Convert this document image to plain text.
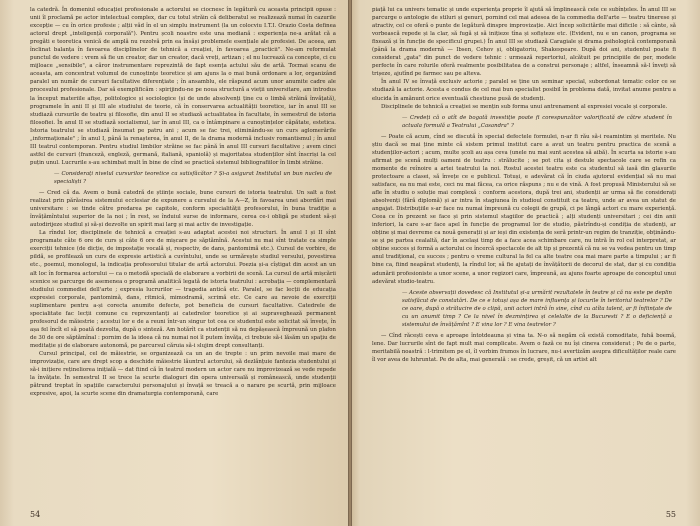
la catedră. În domeniul educației profesionale a actorului se ciocnesc în legătură cu aceasta principii opuse : unii îl proclamă pe actor intelectual complex, dar cu totul străin că deliberatul se realizează numai în cazurile excepție — cu în orice profesie ; alții văd în el un simplu instrument (la un colocviu I.T.I. Orazio Costa definea actorul drept „inteligență corporală"). Pentru școli noastre este una mediană : experiența ne-a arătat că a pregăti e teoretica venică de amplă nu rezolvă prin ea însăși problemele esențiale ale profesiei. De aceea, am înclinat balanța în favoarea disciplinelor de tehnică a creației, în favoarea „practicii". Ne-am reformulat punctul de vedere : vrem să fie un creator, dar un creator, dacă vreți, artizan ; el nu lucrează ca concepte, ci cu mijloace „sensibile", a căror instrumentare reprezintă de fapt esența actului său de artă. Tocmai scanu de aceasta, am concentrat volumul de cunoștințe teoretice și am ajuns la o mai bună ordonare a lor, organizând paralel un număr de cursuri facultative diferențiate ; în ansamblu, ele răspund acum unor anumite cadre ale procesului profesionale. Dar să exemplificăm : spirijindu-ne pe noua structură a vieții universitare, am introdus la început materiile afișe, politologice și sociologice (și de unde absolvenți ține cu o limbă străină învățată), programele în anii II și III ale studiului de teorie, că în conservarea actualității teoretice, iar în anul III se studiază cursurile de teatru și filosofie, din anul II se studiază actualitatea în facultate, în semestrul de istoria filosofiei. În anul II se studiază socialismul, iar în anul III, ca o întâmpinare a cunoștințelor căpătate, estetica. Istoria teatrului se studiază însumat pe patru ani ; acum se fac trei, eliminându-se un curs aglomerările „informaționale" ; în anul I, până la renașterea, în anul II, de la drama modernă inclusiv romantismul ; în anul III teatrul contemporan. Pentru studiul limbilor străine se fac până în anul III cursuri facultative ; avem cinci astfel de cursuri (franceză, engleză, germană, italiană, spaniolă) și majoritatea studenților sînt înscriși la cel puțin unul. Lucrurile s-au schimbat mult în bine de cînd se practică sistemul bibliografiilor în limbi străine.

— Considerați nivelul cursurilor teoretice ca satisfăcător ? Și-a asigurat Institutul un bun nucleu de specialiști ?

— Cred că da. Avem o bună catedră de științe sociale, bune cursuri de istoria teatrului. Un salt a fost realizat prin părăsirea sistemului ecclesiar de expunere a cursului de la A—Z, în favoarea unei abordări mai universitare : se tinde către predarea pe capitole, conform specialității profesorului, în buna tradiție a învățămîntului superior de la noi ; în rest, se înduiul surse de informare, cerea ce-i obligă pe student să-și autodirijeze studiul și să-și dezvolte un spirit mai larg și mai activ de investigație.

La rîndul lor, disciplinele de tehnică a creației s-au adaptat acestei noi structuri. În anul I și II sînt programate câte 6 ore de curs și câte 6 ore de mișcare pe săptămînă. Acestui nu mai sînt tratate ca simple exerciții tehnice (de dicție, de impostație vocală și, respectiv, de dans, pantomimă etc.). Cursul de vorbire, de pildă, se profilează un curs de expresie artistică a cuvîntului, unde se urmărește studiul versului, povestirea etc., poemul, monologul, la indicația profesorului titular de artă actorului. Poezia și-a cîștigat din acest an un alt loc în formarea actorului — ca o metodă specială de elaborare a vorbirii de scenă. La cursul de artă mișcării scenice se parcurge de asemenea o programă analitică legată de istoria teatrului : acrobația — complementară studiului commediei dell'arte ; expresia lucrurilor — tragedia antică etc. Paralel, se fac lecții de educația expresiei corporale, pantomimă, dans, ritmică, mimodramă, scrimă etc. Ce care au nevoie de exerciții suplimentare pentru a-și corecta anumite defecte, pot beneficia de cursuri facultative. Catedrele de specialitate fac lecții comune cu reprezentanți ai catedrelor teoretice și ai supraveghează permanent profesorul de măiestrie ; acestui lor e de a reuni într-un singur tot cea ce studentul este solicitat să învețe, în așa fel încît el să poată dezvolta, după o sinteză. Am hotărît ca studenții să nu depășească împreună un plafon de 30 de ore săptămînal : pornim de la ideea că nu numai noi îl putem învăța, ci trebuie să-i lăsăm un spațiu de meditație și de elaborare autonomă, pe parcursul căruia să-i slujim drept consultanți.

Cursul principal, cel de măiestrie, se organizează ca un an de trepte : un prim nevoile mai mare de improvizație, care are drept scop a deschide măiestrie lăuntrul actorului, să dezlănțuie fantezia studentului și să-i inițiere rețineliorea inițială — dat fiind că în teatrul modern un actor care nu improvizează se vede repede la învățate. În semestrul II se trece la scurte dialoguri din opera universală și românească, unde studenții pătrund treptat în spațiile caracterului personajului și învață se treacă a o narare pe scurtă, prin mijloace expresive, apoi, la scurte scene din dramaturgia contemporană, care

54

piață lui ca univers tematic și unde experiența proprie îl ajută să împlinească cele ce subînțeles. În anul III se parcurge o antologie de stiluri și genuri, pornind cel mai adesea de la commedia dell'arte — teatru tinerese și atractiv, cel ce oferă o punte de legătură dinspre improvizație. Aici încep solicitările mai dificile : să cânte, să vorbească repede și la clar, să fugă și să inițieze tîna și sofișteze etc. (Evident, nu e un canon, programa se fixează și în funcție de specificul grupei.) În anul III se studiază Caragiale și drama psihologică contemporană (până la drama modernă — Ibsen, Cehov și, obligatoriu, Shakespeare. După doi ani, studentul poate fi considerat „gata" din punct de vedere tehnic : urmează repertoriul, alcătuit pe principiile de per, modele perfecte în care rolurile oferă realmente posibilitatea de a construi personaje ; altfel, înseamnă să-l înveți să trișeze, ajutînd pe farmec sau pe alteva.

În anul IV se învață exclusiv actorie ; paralel se ține un seminar special, subordonat tematic celor ce se studiază la actorie. Acesta e condus de cel mai bun specialist posibil în problema dată, invitat anume pentru a elucida în amănunt orice eventuală chestiune pusă de studenți.

Disciplinele de tehnică a creației se mențin sub forma unui antrenament al expresiei vocale și corporale.

— Credeți că o atît de bogată investiție poate fi corespunzător valorificată de către student în actuala formulă a Teatrului „Casandra" ?

— Poate că acum, cînd se discută în special defectele formulei, n-ar fi rău să-i reamintim și meritele. Nu știu dacă se mai ține minte că sistem primul institut care a avut un teatru pentru practica de scenă a studenților-actori ; acum, multe școli au așa ceva (unele nu mai sunt acestea să aibă). În scurta sa istorie s-au afirmat pe scenă mulți oameni de teatru : strălucite ; se pot cita și destule spectacole care se refin ca momente de reînoire a artei teatrului la noi. Rostul acestei teatru este ca studentul să iasă din glasurile protectoare a clasei, să învețe ce e publicul. Totuși, e adevărat că în ciuda ajutorul evidențial să nu mai satisface, ea nu mai este, ceci nu mai făcea, ca orice răspuns ; nu e de vină. A fost propusă Ministerului să se afle în studiu o soluție mai complexă : conform acestora, după trei ani, studenții ar urma să fie considerați absolvenți (fără diplomă) și ar intra în stagiunea în studioul constituit ca teatru, unde ar avea un statut de angajat. Distribuțiile s-ar face nu numai împreună cu colegii de grupă, ci pe lângă actori cu mare experiență. Ceea ce în prezent se face și prin sistemul stagiilor de practică ; alți studenți universitari ; cei din anii inferiori, la care s-ar face apel în funcție de programul lor de studio, păstrîndu-și condiția de studenți, ar obține și mai devreme ca nouă generații și ar ieși din existența de seră printr-un regim de tranziție, obținându-se și pe partea cealaltă, dar în același timp de a face acea schimbare care, nu intră în rol cel interpretat, ar obține succes și formă a actorului ce încercă spectacole de alt tip și prezentă că nu se va vedea pentru un timp anul tradițional, cu succes ; pentru o vreme cultural la fel ca alte teatre cea mai mare parte a timpului ; ar fi bine ca, fiind neapărat studenți, la rîndul lor, să fie ajutați de învățătorii de decorul de stat, dar și cu condiția adunării profesioniste a unor scene, a unor regizori care, împreună, au ajuns foarte aproape de conceptul unui adevărat studio-teatru.

— Aceste observații dovedesc că Institutul și-a urmărit rezultatele în teatre și că nu este pe deplin satisfăcut de constatări. De ce e totuși așa de mare influența și locurile în teritoriul teatrelor ? De ce oare, după o strălucire de o clipă, unii actori intră în sine, cînd cu atîta talent, ar fi înființate de cu un anumit timp ? Ce la nivel în dezmințirea și celelalte de la Bucuresti ? E o deficiență a sistemului de învățămînt ? E vina lor ? E vina teatrelor ?

— Cînd răcești ceva e aproape întotdeauna și vina ta. N-o să negăm că există comoditate, fuhă boemă, lene. Dar lucrurile sînt de fapt mult mai complicate. Avem o fază ce nu își cineva considerat ; Pe de o parte, meritabilă noastră : l-trimitem pe el, îl vorbim frumos în lucrare, nu-i avertizăm asupra dificultăților reale care îl vor avea de luhruntat. Pe de alta, mai generală : se crede, greșit, că un artist alt

55
